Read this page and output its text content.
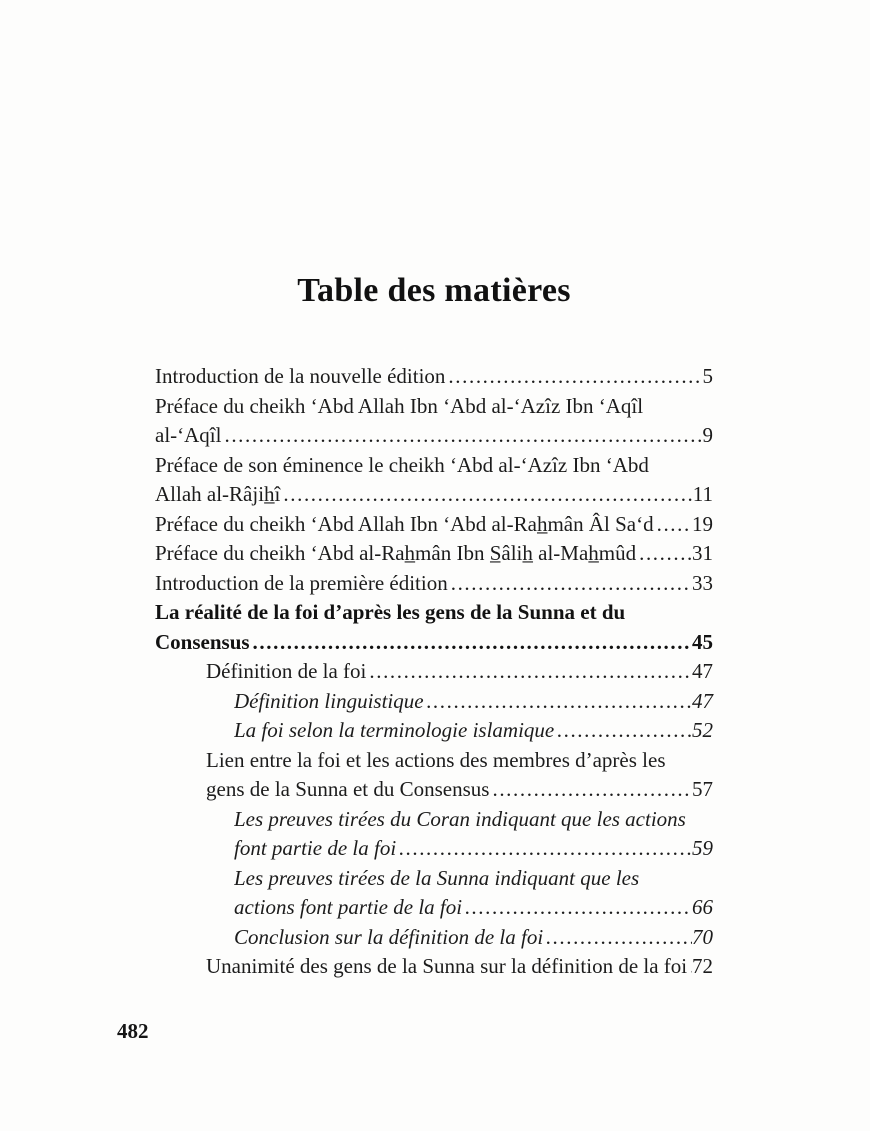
Table des matières
Introduction de la nouvelle édition .....	5
Préface du cheikh ‘Abd Allah Ibn ‘Abd al-‘Azîz Ibn ‘Aqîl al-‘Aqîl .....	9
Préface de son éminence le cheikh ‘Abd al-‘Azîz Ibn ‘Abd Allah al-Râjih̲î .....	11
Préface du cheikh ‘Abd Allah Ibn ‘Abd al-Rah̲mân Âl Sa‘d .....	19
Préface du cheikh ‘Abd al-Rah̲mân Ibn S̲âlih̲ al-Mah̲mûd .....	31
Introduction de la première édition .....	33
La réalité de la foi d’après les gens de la Sunna et du Consensus .....	45
Définition de la foi .....	47
Définition linguistique .....	47
La foi selon la terminologie islamique .....	52
Lien entre la foi et les actions des membres d’après les gens de la Sunna et du Consensus .....	57
Les preuves tirées du Coran indiquant que les actions font partie de la foi .....	59
Les preuves tirées de la Sunna indiquant que les actions font partie de la foi .....	66
Conclusion sur la définition de la foi .....	70
Unanimité des gens de la Sunna sur la définition de la foi ..... 72
482
